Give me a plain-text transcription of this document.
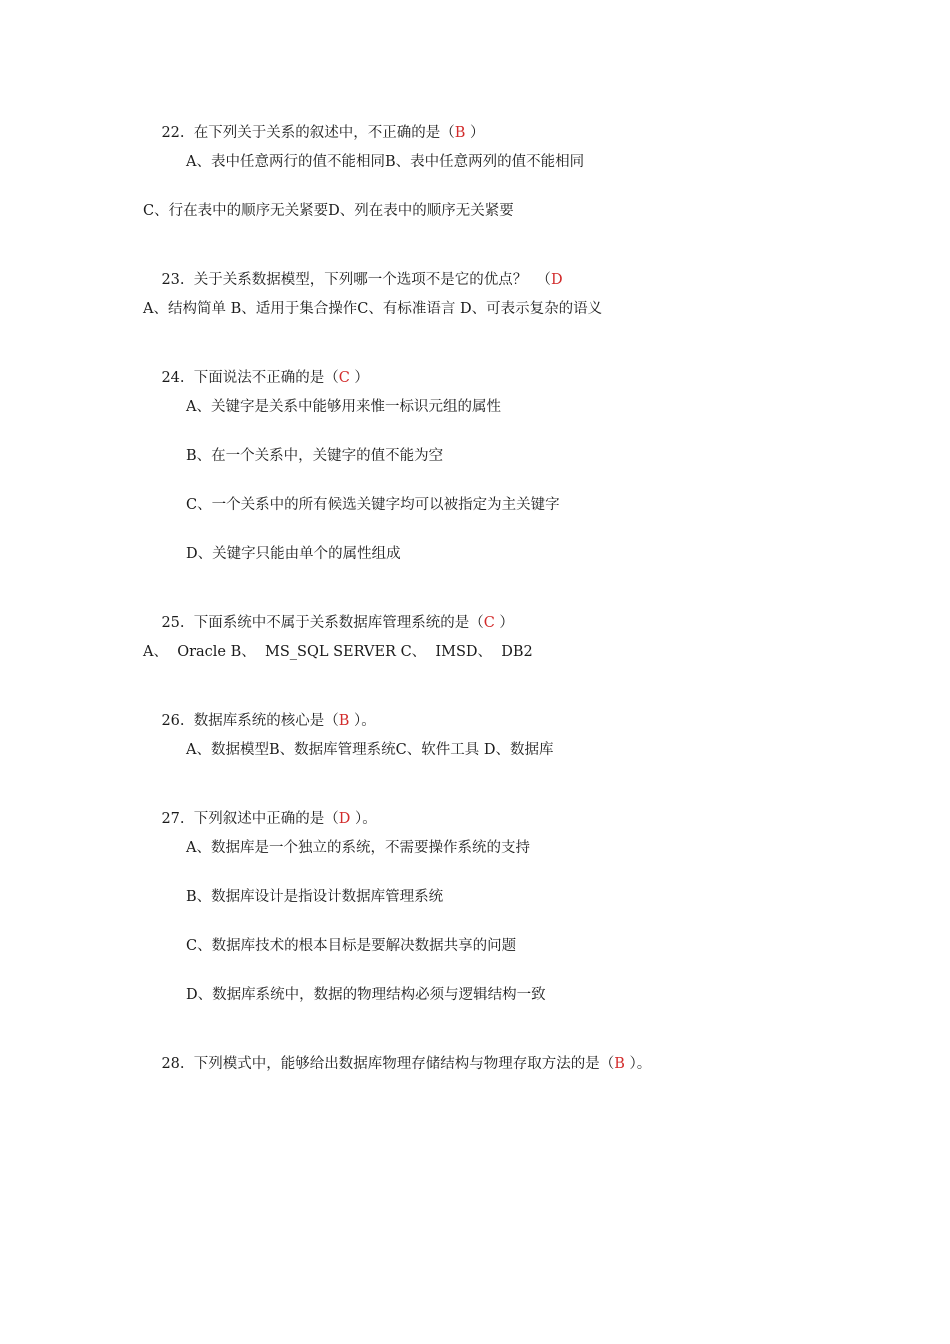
22.  在下列关于关系的叙述中，不正确的是（B ）

A、表中任意两行的值不能相同B、表中任意两列的值不能相同
C、行在表中的顺序无关紧要D、列在表中的顺序无关紧要

23.  关于关系数据模型，下列哪一个选项不是它的优点？  （D

A、结构简单 B、适用于集合操作C、有标准语言 D、可表示复杂的语义

24.  下面说法不正确的是（C ）

A、关键字是关系中能够用来惟一标识元组的属性
B、在一个关系中，关键字的值不能为空
C、一个关系中的所有候选关键字均可以被指定为主关键字
D、关键字只能由单个的属性组成

25.  下面系统中不属于关系数据库管理系统的是（C ）

A、  Oracle B、  MS_SQL SERVER C、  IMSD、  DB2

26.  数据库系统的核心是（B ）。

A、数据模型B、数据库管理系统C、软件工具 D、数据库

27.  下列叙述中正确的是（D ）。

A、数据库是一个独立的系统，不需要操作系统的支持
B、数据库设计是指设计数据库管理系统
C、数据库技术的根本目标是要解决数据共享的问题
D、数据库系统中，数据的物理结构必须与逻辑结构一致

28.  下列模式中，能够给出数据库物理存储结构与物理存取方法的是（B ）。
